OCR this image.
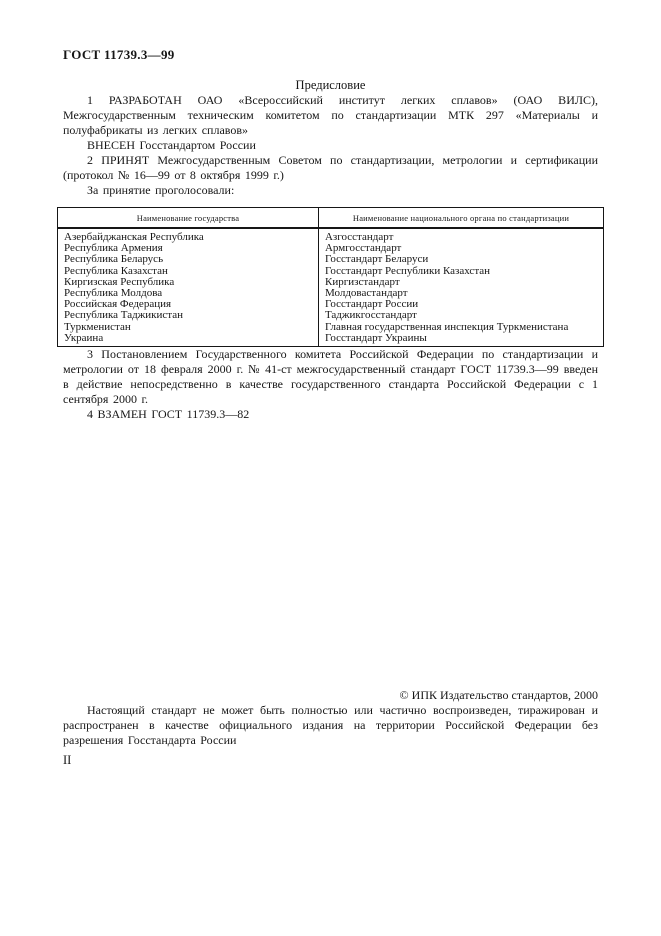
ГОСТ 11739.3—99
Предисловие

1 РАЗРАБОТАН ОАО «Всероссийский институт легких сплавов» (ОАО ВИЛС), Межгосударственным техническим комитетом по стандартизации МТК 297 «Материалы и полуфабрикаты из легких сплавов»

ВНЕСЕН Госстандартом России

2 ПРИНЯТ Межгосударственным Советом по стандартизации, метрологии и сертификации (протокол № 16—99 от 8 октября 1999 г.)

За принятие проголосовали:

Наименование государства	Наименование национального органа по стандартизации
Азербайджанская Республика	Азгосстандарт
Республика Армения	Армгосстандарт
Республика Беларусь	Госстандарт Беларуси
Республика Казахстан	Госстандарт Республики Казахстан
Киргизская Республика	Киргизстандарт
Республика Молдова	Молдовастандарт
Российская Федерация	Госстандарт России
Республика Таджикистан	Таджикгосстандарт
Туркменистан	Главная государственная инспекция Туркменистана
Украина	Госстандарт Украины

3 Постановлением Государственного комитета Российской Федерации по стандартизации и метрологии от 18 февраля 2000 г. № 41-ст межгосударственный стандарт ГОСТ 11739.3—99 введен в действие непосредственно в качестве государственного стандарта Российской Федерации с 1 сентября 2000 г.

4 ВЗАМЕН ГОСТ 11739.3—82

© ИПК Издательство стандартов, 2000

Настоящий стандарт не может быть полностью или частично воспроизведен, тиражирован и распространен в качестве официального издания на территории Российской Федерации без разрешения Госстандарта России

II
